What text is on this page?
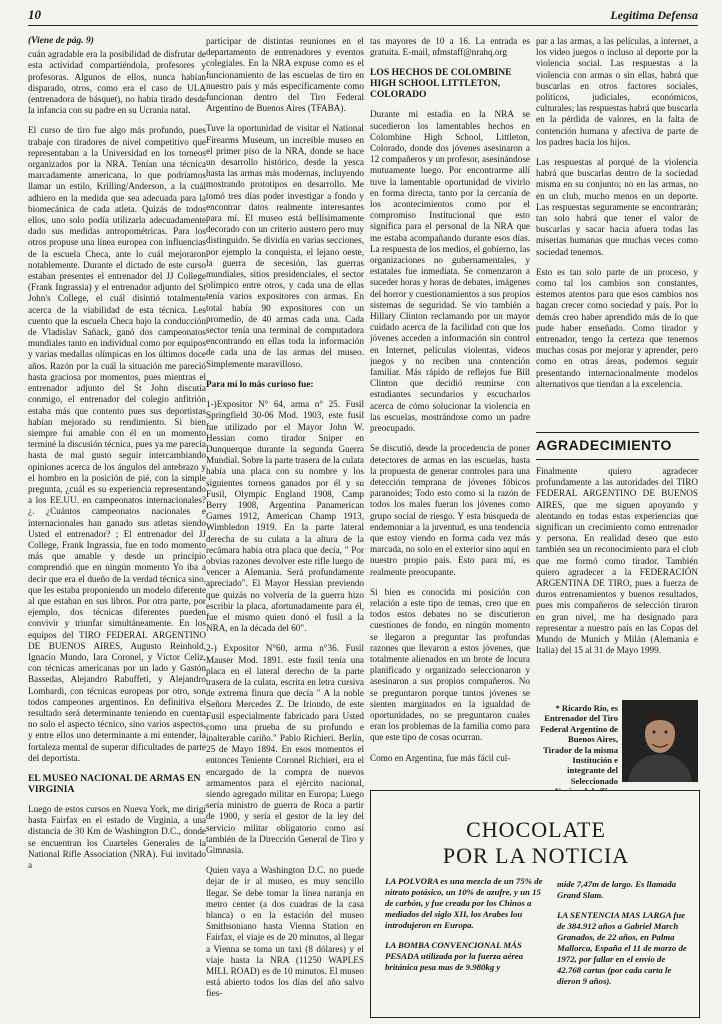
10	Legitima Defensa

(Viene de pág. 9)

cuán agradable era la posibilidad de disfrutar de esta actividad compartiéndola, profesores y profesoras. Algunos de ellos, nunca habían disparado, otros, como era el caso de ULA (entrenadora de básquet), no había tirado desde la infancia con su padre en su Ucrania natal.

El curso de tiro fue algo más profundo, pues trabaje con tiradores de nivel competitivo que representaban a la Universidad en los torneos organizados por la NRA. Tenían una técnica marcadamente americana, lo que podríamos llamar un estilo, Krilling/Anderson, a la cuál adhiero en la medida que sea adecuada para la biomecánica de cada atleta. Quizás de todos ellos, uno solo podía utilizarla adecuadamente dado sus medidas antropométricas. Para los otros propuse una línea europea con influencias de la escuela Checa, ante lo cuál mejoraron notablemente. Durante el dictado de este curso estaban presentes el entrenador del JJ College (Frank Ingrassia) y el entrenador adjunto del St John's College, el cuál disintió totalmente acerca de la viabilidad de esta técnica. Les cuento que la escuela Checa bajo la conducción de Vladislav Sañack, ganó dos campeonatos mundiales tanto en individual como por equipos y varias medallas olímpicas en los últimos doce años. Razón por la cuál la situación me pareció hasta graciosa por momentos, pues mientras el entrenador adjunto del St John discutía conmigo, el entrenador del colegio anfitrión estaba más que contento pues sus deportistas habían mejorado su rendimiento. Si bien siempre fui amable con él en un momento terminé la discusión técnica, pues ya me parecía hasta de mal gusto seguir intercambiando opiniones acerca de los ángulos del antebrazo y el hombro en la posición de pié, con la simple pregunta, ¿cuál es su experiencia representando a los EE.UU. en campeonatos internacionales?¿. ¿Cuántos campeonatos nacionales e internacionales han ganado sus atletas siendo Usted el entrenador? ; El entrenador del JJ College, Frank Ingrassia, fue en todo momento más que amable y desde un principio comprendió que en ningún momento Yo iba a decir que era el dueño de la verdad técnica sino, que les estaba proponiendo un modelo diferente al que estaban en sus libros. Por otra parte, por ejemplo, dos técnicas diferentes pueden convivir y triunfar simultáneamente. En los equipos del TIRO FEDERAL ARGENTINO DE BUENOS AIRES, Augusto Reinhold, Ignacio Mundo, Iara Coronel, y Víctor Celiz, con técnicas americanas por un lado y Gastón Bassedas, Alejandro Rabuffeti, y Alejandro Lombardi, con técnicas europeas por otro, son todos campeones argentinos. En definitiva el resultado será determinante teniendo en cuenta no solo el aspecto técnico, sino varios aspectos, y entre ellos uno determinante a mi entender, la fortaleza mental de superar dificultades de parte del deportista.

EL MUSEO NACIONAL DE ARMAS EN VIRGINIA

Luego de estos cursos en Nueva York, me dirigí hasta Fairfax en el estado de Virginia, a una distancia de 30 Km de Washington D.C., donde se encuentran los Cuarteles Generales de la National Rifle Association (NRA). Fui invitado a

participar de distintas reuniones en el departamento de entrenadores y eventos colegiales. En la NRA expuse como es el funcionamiento de las escuelas de tiro en nuestro país y más específicamente como funcionan dentro del Tiro Federal Argentino de Buenos Aires (TFABA).

Tuve la oportunidad de visitar el National Firearms Museum, un increíble museo en el primer piso de la NRA, donde se hace un desarrollo histórico, desde la yesca hasta las armas más modernas, incluyendo mostrando prototipos en desarrollo. Me tomó tres días poder investigar a fondo y encontrar datos realmente interesantes para mí. El museo está bellísimamente decorado con un criterio austero pero muy distinguido. Se dividía en varias secciones, por ejemplo la conquista, el lejano oeste, la guerra de secesión, las guerras mundiales, sitios presidenciales, el sector olímpico entre otros, y cada una de ellas tenía varios expositores con armas. En total había 90 expositores con un promedio, de 40 armas cada una. Cada sector tenía una terminal de computadora encontrando en ellas toda la información de cada una de las armas del museo. Simplemente maravilloso.

Para mí lo más curioso fue:

1-)Expositor N° 64, arma n° 25. Fusil Springfield 30-06 Mod. 1903, este fusil fue utilizado por el Mayor John W. Hessian como tirador Sniper en Dunquerque durante la segunda Guerra Mundial. Sobre la parte trasera de la culata había una placa con su nombre y los siguientes torneos ganados por él y su Fusil, Olympic England 1908, Camp Berry 1908, Argentina Panamerican Games 1912, American Champ 1913, Wimbledon 1919. En la parte lateral derecha de su culata a la altura de la recámara había otra placa que decía, " Por obvias razones devolver este rifle luego de vencer a Alemania. Será profundamente apreciado". El Mayor Hessian previendo que quizás no volvería de la guerra hizo escribir la placa, afortunadamente para él, fue el mismo quien donó el fusil a la NRA, en la década del 60".

2-) Expositor N°60, arma n°36. Fusil Mauser Mod. 1891. este fusil tenía una placa en el lateral derecho de la parte trasera de la culata, escrita en letra cursiva de extrema finura que decía " A la noble Señora Mercedes Z. De Iriondo, de este Fusil especialmente fabricado para Usted como una prueba de su profundo e inalterable cariño." Pablo Richieri. Berlín, 25 de Mayo 1894. En esos momentos el entonces Teniente Coronel Richieri, era el encargado de la compra de nuevos armamentos para el ejército nacional, siendo agregado militar en Europa; Luego sería ministro de guerra de Roca a partir de 1900, y sería el gestor de la ley del servicio militar obligatorio como así también de la Dirección General de Tiro y Gimnasia.

Quien vaya a Washington D.C. no puede dejar de ir al museo, es muy sencillo llegar. Se debe tomar la línea naranja en metro center (a dos cuadras de la casa blanca) o en la estación del museo Smithsoniano hasta Vienna Station en Fairfax, el viaje es de 20 minutos, al llegar a Vienna se toma un taxi (8 dólares) y el viaje hasta la NRA (11250 WAPLES MILL ROAD) es de 10 minutos. El museo está abierto todos los días del año salvo fies-

tas mayores de 10 a 16. La entrada es gratuita. E-mail, nfmstaff@nrahq.org

LOS HECHOS DE COLOMBINE HIGH SCHOOL LITTLETON, COLORADO

Durante mi estadía en la NRA se sucedieron los lamentables hechos en Colombine High School, Littleton, Colorado, donde dos jóvenes asesinaron a 12 compañeros y un profesor, asesinándose mutuamente luego. Por encontrarme allí tuve la lamentable oportunidad de vivirlo en forma directa, tanto por la cercanía de los acontecimientos como por el compromiso Institucional que esto significa para el personal de la NRA que me estaba acompañando durante esos días. La respuesta de los medios, el gobierno, las organizaciones no gubernamentales, y estatales fue inmediata. Se comenzaron a suceder horas y horas de debates, imágenes del horror y cuestionamientos a sus propios sistemas de seguridad. Se vio también a Hillary Clinton reclamando por un mayor cuidado acerca de la facilidad con que los jóvenes acceden a información sin control en Internet, películas violentas, videos juegos y no reciben una contención familiar. Más rápido de reflejos fue Bill Clinton que decidió reunirse con estudiantes secundarios y escucharlos acerca de cómo solucionar la violencia en las escuelas, mostrándose como un padre preocupado.

Se discutió, desde la procedencia de poner detectores de armas en las escuelas, hasta la propuesta de generar controles para una detección temprana de jóvenes fóbicos paranoides; Todo esto como si la razón de todos los males fueran los jóvenes como grupo social de riesgo. Y esta búsqueda de endemoniar a la juventud, es una tendencia que estoy viendo en forma cada vez más marcada, no solo en el exterior sino aquí en nuestro propio país. Esto para mí, es realmente preocupante.

Si bien es conocida mi posición con relación a este tipo de temas, creo que en todos estos debates no se discutieron cuestiones de fondo, en ningún momento se llegaron a preguntar las profundas razones que llevaron a estos jóvenes, que totalmente alienados en un brote de locura planificado y organizado seleccionaron y asesinaron a sus propios compañeros. No se preguntaron porque tantos jóvenes se sienten marginados en la igualdad de oportunidades, no se preguntaron cuales eran los problemas de la familia como para que este tipo de cosas ocurran.

Como en Argentina, fue más fácil cul-

par a las armas, a las películas, a internet, a los video juegos o incluso al deporte por la violencia social. Las respuestas a la violencia con armas o sin ellas, habrá que buscarlas en otros factores sociales, políticos, judiciales, económicos, culturales; las respuestas habrá que buscarla en la pérdida de valores, en la falta de contención humana y afectiva de parte de los padres hacia los hijos.

Las respuestas al porqué de la violencia habrá que buscarlas dentro de la sociedad misma en su conjunto; no en las armas, no en un club, mucho menos en un deporte. Las respuestas seguramente se encontrarán; tan solo habrá que tener el valor de buscarlas y sacar hacia afuera todas las miserias humanas que muchas veces como sociedad tenemos.

Esto es tan solo parte de un proceso, y como tal los cambios son constantes, estemos atentos para que esos cambios nos hagan crecer como sociedad y país. Por lo demás creo haber aprendido más de lo que pude haber enseñado. Como tirador y entrenador, tengo la certeza que tenemos muchas cosas por mejorar y aprender, pero como en otras áreas, podemos seguir presentando internacionalmente modelos alternativos que tiendan a la excelencia.

AGRADECIMIENTO

Finalmente quiero agradecer profundamente a las autoridades del TIRO FEDERAL ARGENTINO DE BUENOS AIRES, que me siguen apoyando y alentando en todas estas experiencias que significan un crecimiento como entrenador y persona. En realidad deseo que esto también sea un reconocimiento para el club que me formó como tirador. También quiero agradecer a la FEDERACIÓN ARGENTINA DE TIRO, pues a fuerza de duros entrenamientos y buenos resultados, pues mis compañeros de selección tiraron en gran nivel, me ha designado para representar a nuestro país en las Copas del Mundo de Munich y Milán (Alemania e Italia) del 15 al 31 de Mayo 1999.

* Ricardo Rio, es Entrenador del Tiro Federal Argentino de Buenos Aires, Tirador de la misma Institución e integrante del Seleccionado
CHOCOLATE
POR LA NOTICIA

LA POLVORA es una mezcla de un 75% de nitrato potásico, un 10% de azufre, y un 15 de carbón, y fue creada por los Chinos a mediados del siglo XII, los Arabes lou introdujeron en Europa.

LA BOMBA CONVENCIONAL MÁS PESADA utilizada por la fuerza aérea británica pesa mas de 9.980kg y

mide 7,47m de largo. Es llamada Grand Slam.

LA SENTENCIA MAS LARGA fue de 384.912 años a Gabriel March Granados, de 22 años, en Palma Mallorca, España el 11 de marzo de 1972, por fallar en el envío de 42.768 cartas (por cada carta le dieron 9 años).
